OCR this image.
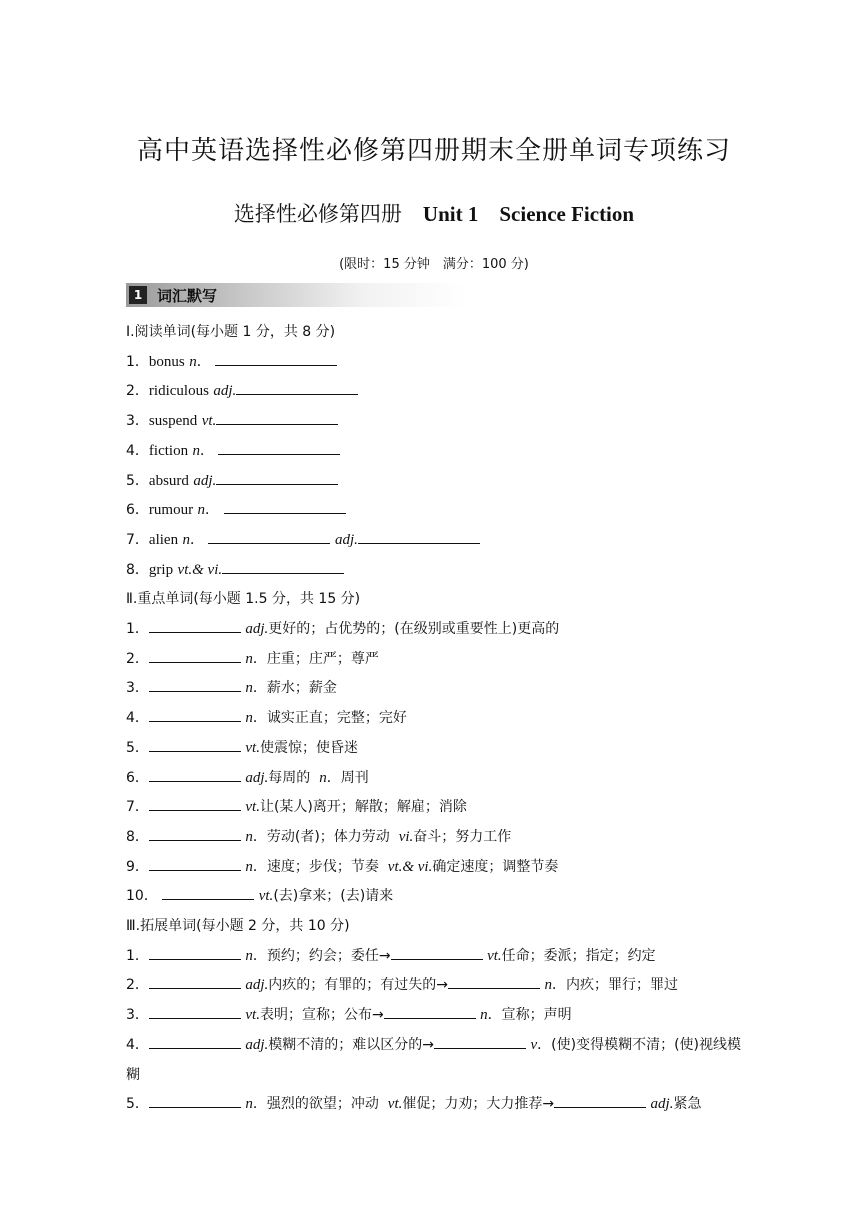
高中英语选择性必修第四册期末全册单词专项练习
选择性必修第四册 Unit 1 Science Fiction
(限时：15 分钟　满分：100 分)
1 词汇默写
Ⅰ.阅读单词(每小题 1 分，共 8 分)
1．bonus n．
2．ridiculous adj.
3．suspend vt.
4．fiction n．
5．absurd adj.
6．rumour n．
7．alien n．	adj.
8．grip vt.& vi.
Ⅱ.重点单词(每小题 1.5 分，共 15 分)
1．	adj.更好的；占优势的；(在级别或重要性上)更高的
2．	n．庄重；庄严；尊严
3．	n．薪水；薪金
4．	n．诚实正直；完整；完好
5．	vt.使震惊；使昏迷
6．	adj.每周的 n．周刊
7．	vt.让(某人)离开；解散；解雇；消除
8．	n．劳动(者)；体力劳动 vi.奋斗；努力工作
9．	n．速度；步伐；节奏 vt.& vi.确定速度；调整节奏
10．	vt.(去)拿来；(去)请来
Ⅲ.拓展单词(每小题 2 分，共 10 分)
1．	n．预约；约会；委任→	vt.任命；委派；指定；约定
2．	adj.内疚的；有罪的；有过失的→	n．内疚；罪行；罪过
3．	vt.表明；宣称；公布→	n．宣称；声明
4．	adj.模糊不清的；难以区分的→	v．(使)变得模糊不清；(使)视线模糊
5．	n．强烈的欲望；冲动 vt.催促；力劝；大力推荐→	adj.紧急
